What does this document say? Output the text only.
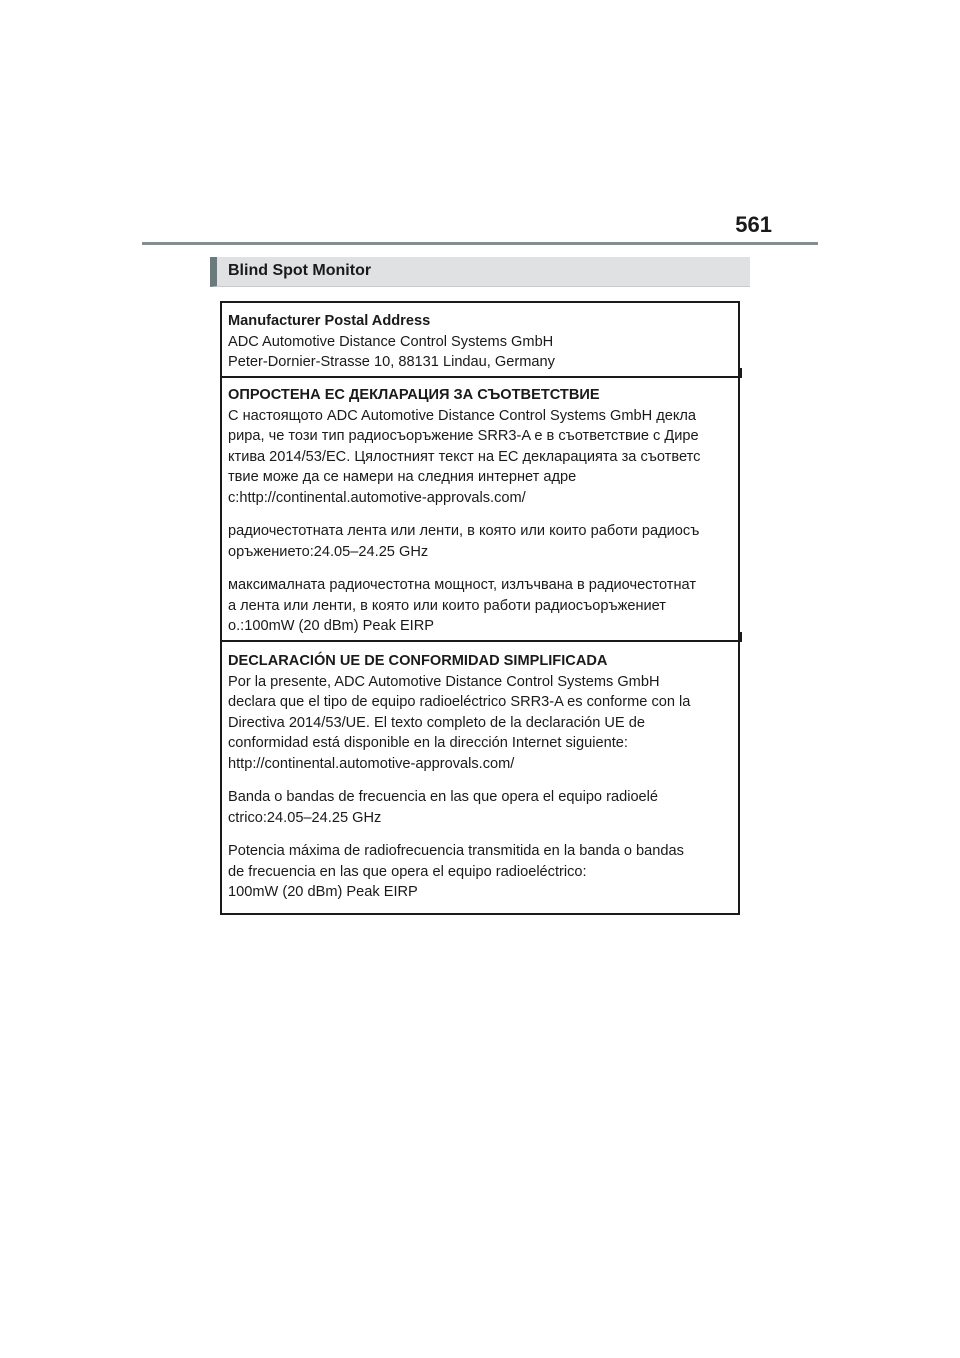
561
Blind Spot Monitor
Manufacturer Postal Address
ADC Automotive Distance Control Systems GmbH
Peter-Dornier-Strasse 10, 88131 Lindau, Germany
ОПРОСТЕНА ЕС ДЕКЛАРАЦИЯ ЗА СЪОТВЕТСТВИЕ
С настоящото ADC Automotive Distance Control Systems GmbH декла
рира, че този тип радиосъоръжение SRR3-A е в съответствие с Дире
ктива 2014/53/ЕС. Цялостният текст на ЕС декларацията за съответс
твие може да се намери на следния интернет адре
с:http://continental.automotive-approvals.com/
радиочестотната лента или ленти, в която или които работи радиосъ
оръжението:24.05–24.25 GHz
максималната радиочестотна мощност, излъчвана в радиочестотнат
а лента или ленти, в която или които работи радиосъоръжениет
о.:100mW (20 dBm) Peak EIRP
DECLARACIÓN UE DE CONFORMIDAD SIMPLIFICADA
Por la presente, ADC Automotive Distance Control Systems GmbH
declara que el tipo de equipo radioeléctrico SRR3-A es conforme con la
Directiva 2014/53/UE. El texto completo de la declaración UE de
conformidad está disponible en la dirección Internet siguiente:
http://continental.automotive-approvals.com/
Banda o bandas de frecuencia en las que opera el equipo radioelé
ctrico:24.05–24.25 GHz
Potencia máxima de radiofrecuencia transmitida en la banda o bandas
de frecuencia en las que opera el equipo radioeléctrico:
100mW (20 dBm) Peak EIRP
